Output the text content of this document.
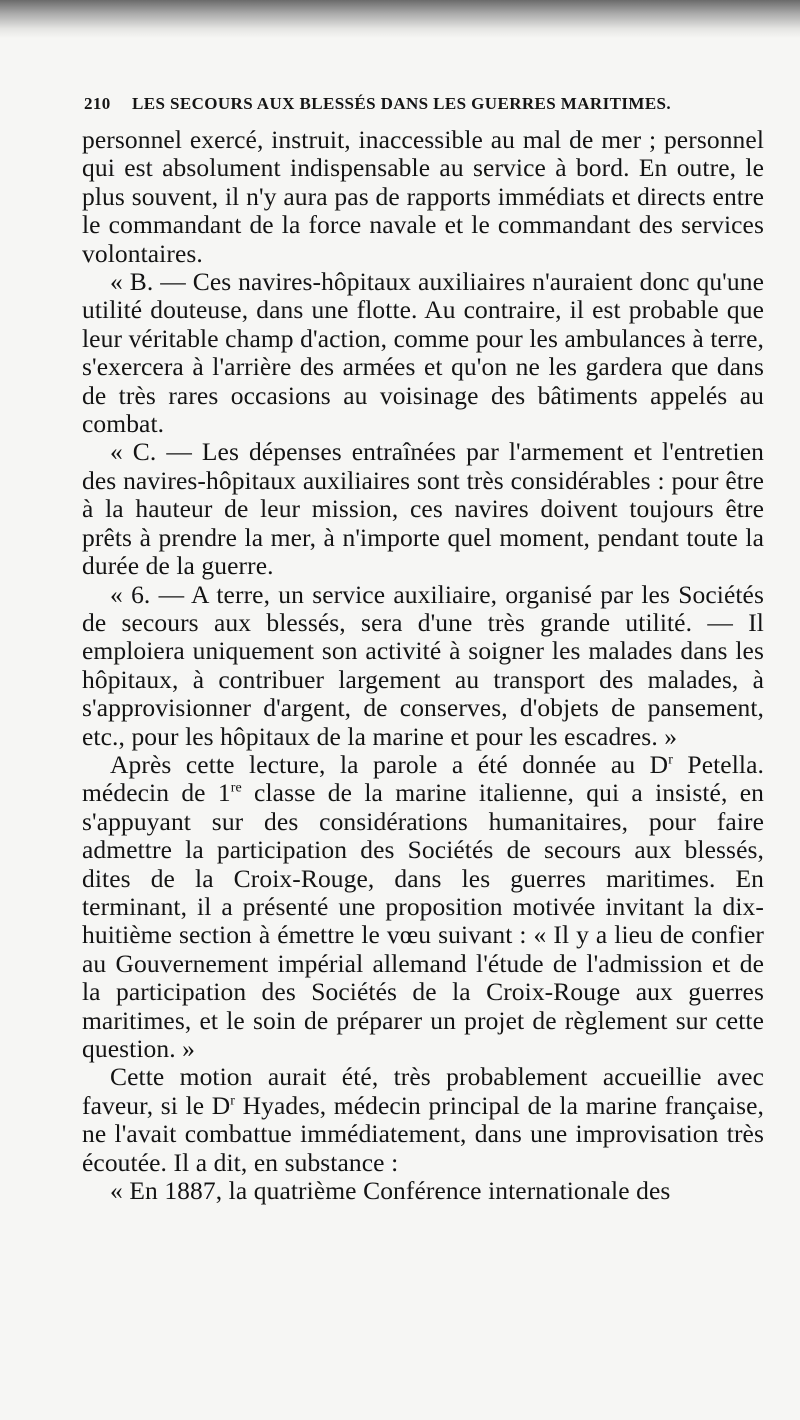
210	LES SECOURS AUX BLESSÉS DANS LES GUERRES MARITIMES.

personnel exercé, instruit, inaccessible au mal de mer ; personnel qui est absolument indispensable au service à bord. En outre, le plus souvent, il n'y aura pas de rapports immédiats et directs entre le commandant de la force navale et le commandant des services volontaires.

« B. — Ces navires-hôpitaux auxiliaires n'auraient donc qu'une utilité douteuse, dans une flotte. Au contraire, il est probable que leur véritable champ d'action, comme pour les ambulances à terre, s'exercera à l'arrière des armées et qu'on ne les gardera que dans de très rares occasions au voisinage des bâtiments appelés au combat.

« C. — Les dépenses entraînées par l'armement et l'entretien des navires-hôpitaux auxiliaires sont très considérables : pour être à la hauteur de leur mission, ces navires doivent toujours être prêts à prendre la mer, à n'importe quel moment, pendant toute la durée de la guerre.

« 6. — A terre, un service auxiliaire, organisé par les Sociétés de secours aux blessés, sera d'une très grande utilité. — Il emploiera uniquement son activité à soigner les malades dans les hôpitaux, à contribuer largement au transport des malades, à s'approvisionner d'argent, de conserves, d'objets de pansement, etc., pour les hôpitaux de la marine et pour les escadres. »

Après cette lecture, la parole a été donnée au $D^r$ Petella. médecin de 1re classe de la marine italienne, qui a insisté, en s'appuyant sur des considérations humanitaires, pour faire admettre la participation des Sociétés de secours aux blessés, dites de la Croix-Rouge, dans les guerres maritimes. En terminant, il a présenté une proposition motivée invitant la dix-huitième section à émettre le vœu suivant : « Il y a lieu de confier au Gouvernement impérial allemand l'étude de l'admission et de la participation des Sociétés de la Croix-Rouge aux guerres maritimes, et le soin de préparer un projet de règlement sur cette question. »

Cette motion aurait été, très probablement accueillie avec faveur, si le $D^r$ Hyades, médecin principal de la marine française, ne l'avait combattue immédiatement, dans une improvisation très écoutée. Il a dit, en substance :

« En 1887, la quatrième Conférence internationale des
